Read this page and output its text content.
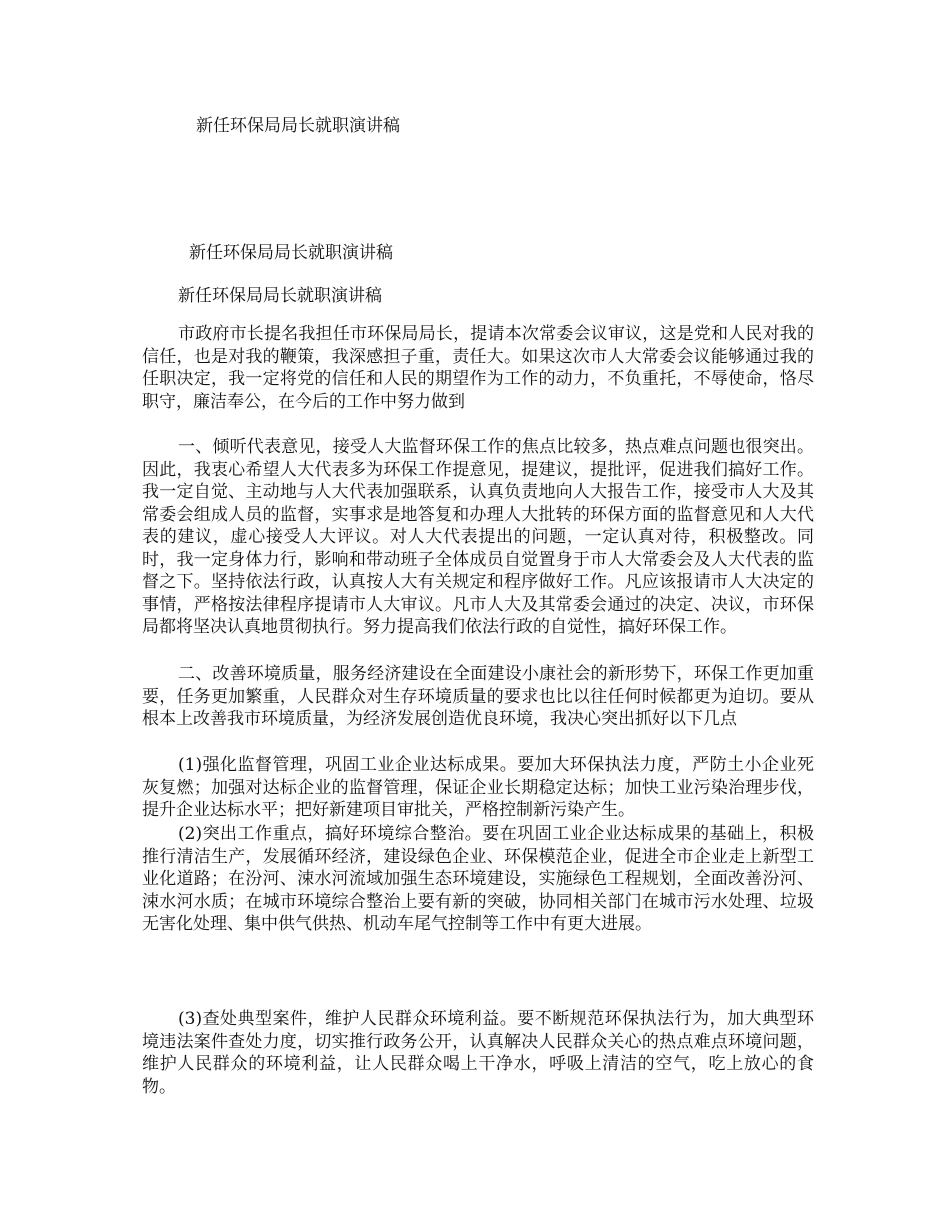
新任环保局局长就职演讲稿
新任环保局局长就职演讲稿
新任环保局局长就职演讲稿

市政府市长提名我担任市环保局局长，提请本次常委会议审议，这是党和人民对我的信任，也是对我的鞭策，我深感担子重，责任大。如果这次市人大常委会议能够通过我的任职决定，我一定将党的信任和人民的期望作为工作的动力，不负重托，不辱使命，恪尽职守，廉洁奉公，在今后的工作中努力做到

一、倾听代表意见，接受人大监督环保工作的焦点比较多，热点难点问题也很突出。因此，我衷心希望人大代表多为环保工作提意见，提建议，提批评，促进我们搞好工作。我一定自觉、主动地与人大代表加强联系，认真负责地向人大报告工作，接受市人大及其常委会组成人员的监督，实事求是地答复和办理人大批转的环保方面的监督意见和人大代表的建议，虚心接受人大评议。对人大代表提出的问题，一定认真对待，积极整改。同时，我一定身体力行，影响和带动班子全体成员自觉置身于市人大常委会及人大代表的监督之下。坚持依法行政，认真按人大有关规定和程序做好工作。凡应该报请市人大决定的事情，严格按法律程序提请市人大审议。凡市人大及其常委会通过的决定、决议，市环保局都将坚决认真地贯彻执行。努力提高我们依法行政的自觉性，搞好环保工作。

二、改善环境质量，服务经济建设在全面建设小康社会的新形势下，环保工作更加重要，任务更加繁重，人民群众对生存环境质量的要求也比以往任何时候都更为迫切。要从根本上改善我市环境质量，为经济发展创造优良环境，我决心突出抓好以下几点

(1)强化监督管理，巩固工业企业达标成果。要加大环保执法力度，严防土小企业死灰复燃；加强对达标企业的监督管理，保证企业长期稳定达标；加快工业污染治理步伐，提升企业达标水平；把好新建项目审批关，严格控制新污染产生。

(2)突出工作重点，搞好环境综合整治。要在巩固工业企业达标成果的基础上，积极推行清洁生产，发展循环经济，建设绿色企业、环保模范企业，促进全市企业走上新型工业化道路；在汾河、涑水河流域加强生态环境建设，实施绿色工程规划，全面改善汾河、涑水河水质；在城市环境综合整治上要有新的突破，协同相关部门在城市污水处理、垃圾无害化处理、集中供气供热、机动车尾气控制等工作中有更大进展。

(3)查处典型案件，维护人民群众环境利益。要不断规范环保执法行为，加大典型环境违法案件查处力度，切实推行政务公开，认真解决人民群众关心的热点难点环境问题，维护人民群众的环境利益，让人民群众喝上干净水，呼吸上清洁的空气，吃上放心的食物。
